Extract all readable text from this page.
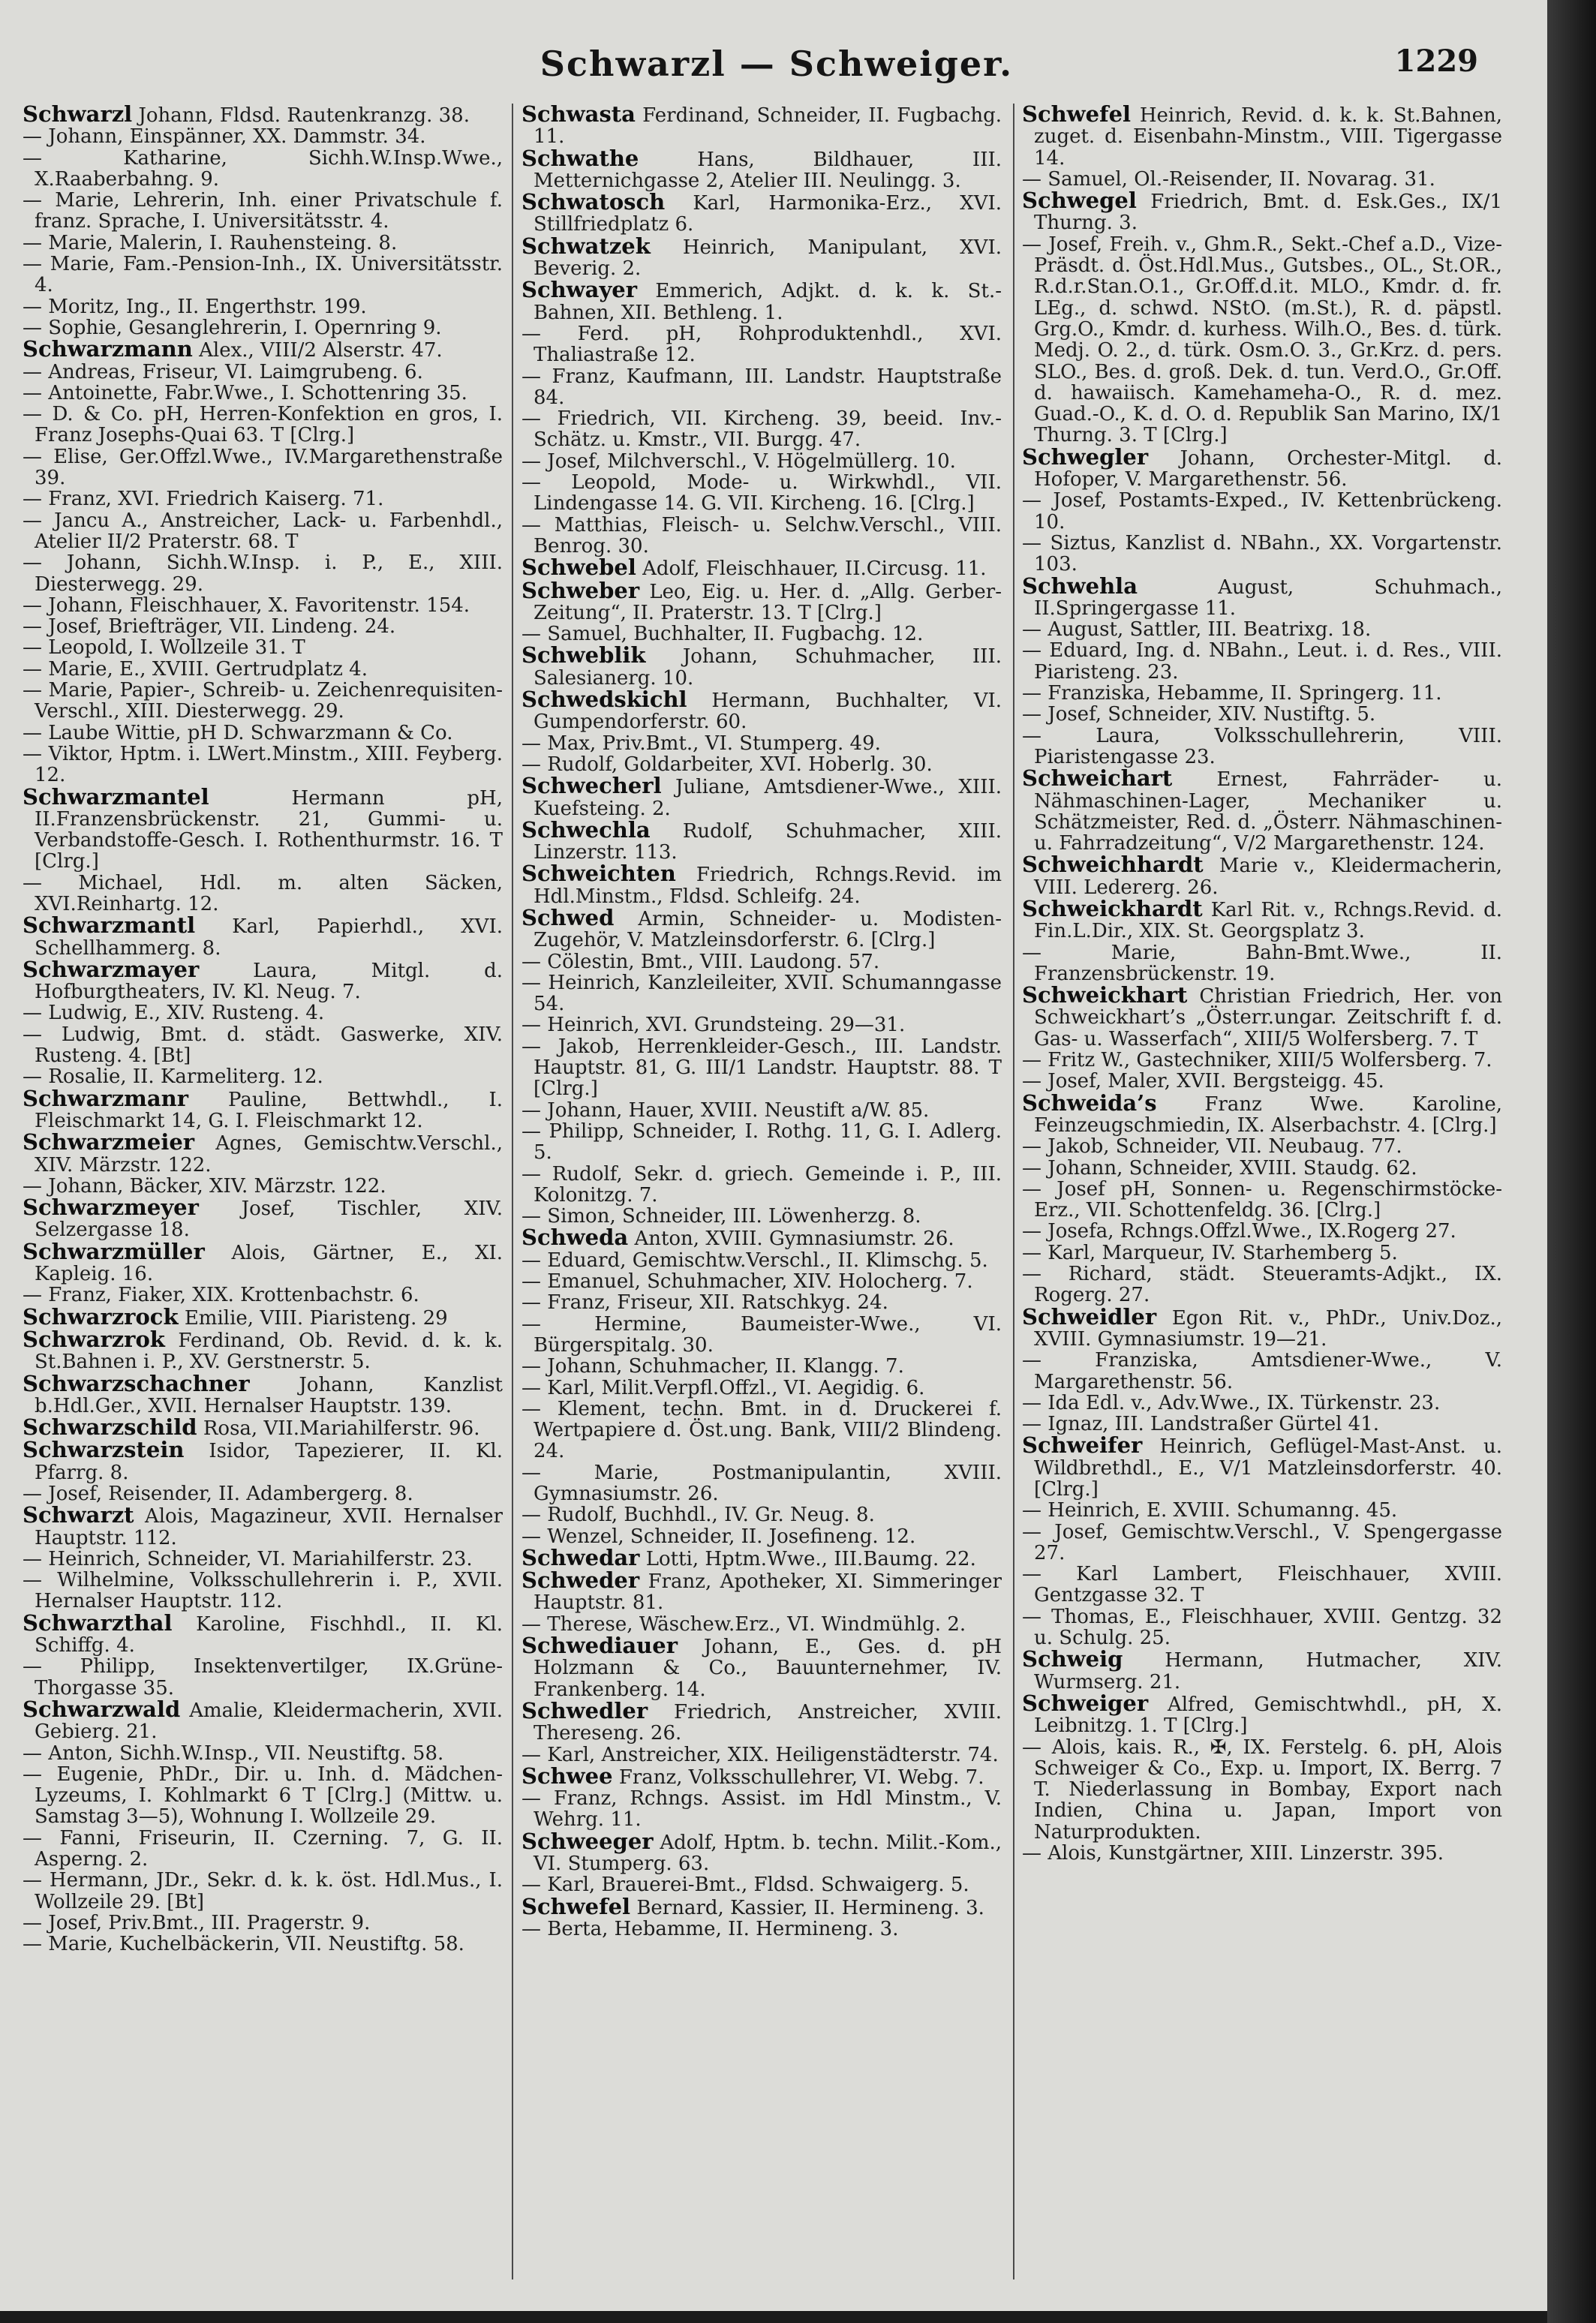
Schwarzl — Schweiger.	1229

Schwarzl Johann, Fldsd. Rautenkranzg. 38.

— Johann, Einspänner, XX. Dammstr. 34.

— Katharine, Sichh.W.Insp.Wwe., X.Raaberbahng. 9.

— Marie, Lehrerin, Inh. einer Privatschule f. franz. Sprache, I. Universitätsstr. 4.

— Marie, Malerin, I. Rauhensteing. 8.

— Marie, Fam.-Pension-Inh., IX. Universitätsstr. 4.

— Moritz, Ing., II. Engerthstr. 199.

— Sophie, Gesanglehrerin, I. Opernring 9.

Schwarzmann Alex., VIII/2 Alserstr. 47.

— Andreas, Friseur, VI. Laimgrubeng. 6.

— Antoinette, Fabr.Wwe., I. Schottenring 35.

— D. & Co. pH, Herren-Konfektion en gros, I. Franz Josephs-Quai 63. T [Clrg.]

— Elise, Ger.Offzl.Wwe., IV.Margarethenstraße 39.

— Franz, XVI. Friedrich Kaiserg. 71.

— Jancu A., Anstreicher, Lack- u. Farbenhdl., Atelier II/2 Praterstr. 68. T

— Johann, Sichh.W.Insp. i. P., E., XIII. Diesterwegg. 29.

— Johann, Fleischhauer, X. Favoritenstr. 154.

— Josef, Briefträger, VII. Lindeng. 24.

— Leopold, I. Wollzeile 31. T

— Marie, E., XVIII. Gertrudplatz 4.

— Marie, Papier-, Schreib- u. Zeichenrequisiten-Verschl., XIII. Diesterwegg. 29.

— Laube Wittie, pH D. Schwarzmann & Co.

— Viktor, Hptm. i. LWert.Minstm., XIII. Feyberg. 12.

Schwarzmantel	Hermann pH, II.Franzensbrückenstr. 21, Gummi- u. Verbandstoffe-Gesch. I. Rothenthurmstr. 16. T [Clrg.]

— Michael, Hdl. m. alten Säcken, XVI.Reinhartg. 12.

Schwarzmantl Karl, Papierhdl., XVI. Schellhammerg. 8.

Schwarzmayer	Laura, Mitgl. d. Hofburgtheaters, IV. Kl. Neug. 7.

— Ludwig, E., XIV. Rusteng. 4.

— Ludwig, Bmt. d. städt. Gaswerke, XIV. Rusteng. 4. [Bt]

— Rosalie, II. Karmeliterg. 12.

Schwarzmanr Pauline, Bettwhdl., I. Fleischmarkt 14, G. I. Fleischmarkt 12.

Schwarzmeier Agnes, Gemischtw.Verschl., XIV. Märzstr. 122.

— Johann, Bäcker, XIV. Märzstr. 122.

Schwarzmeyer Josef, Tischler, XIV. Selzergasse 18.

Schwarzmüller Alois, Gärtner, E., XI. Kapleig. 16.

— Franz, Fiaker, XIX. Krottenbachstr. 6.

Schwarzrock Emilie, VIII. Piaristeng. 29

Schwarzrok Ferdinand, Ob. Revid. d. k. k. St.Bahnen i. P., XV. Gerstnerstr. 5.

Schwarzschachner	Johann, Kanzlist b.Hdl.Ger., XVII. Hernalser Hauptstr. 139.

Schwarzschild Rosa, VII.Mariahilferstr. 96.

Schwarzstein Isidor, Tapezierer, II. Kl. Pfarrg. 8.

— Josef, Reisender, II. Adambergerg. 8.

Schwarzt Alois, Magazineur, XVII. Hernalser Hauptstr. 112.

— Heinrich, Schneider, VI. Mariahilferstr. 23.

— Wilhelmine, Volksschullehrerin i. P., XVII. Hernalser Hauptstr. 112.

Schwarzthal Karoline, Fischhdl., II. Kl. Schiffg. 4.

— Philipp, Insektenvertilger, IX.Grüne-Thorgasse 35.

Schwarzwald Amalie, Kleidermacherin, XVII. Gebierg. 21.

— Anton, Sichh.W.Insp., VII. Neustiftg. 58.

— Eugenie, PhDr., Dir. u. Inh. d. Mädchen-Lyzeums, I. Kohlmarkt 6 T [Clrg.] (Mittw. u. Samstag 3—5), Wohnung I. Wollzeile 29.

— Fanni, Friseurin, II. Czerning. 7, G. II. Asperng. 2.

— Hermann, JDr., Sekr. d. k. k. öst. Hdl.Mus., I. Wollzeile 29. [Bt]

— Josef, Priv.Bmt., III. Pragerstr. 9.

— Marie, Kuchelbäckerin, VII. Neustiftg. 58.

Schwasta Ferdinand, Schneider, II. Fugbachg. 11.

Schwathe	Hans, Bildhauer, III. Metternichgasse 2, Atelier III. Neulingg. 3.

Schwatosch Karl, Harmonika-Erz., XVI. Stillfriedplatz 6.

Schwatzek Heinrich, Manipulant, XVI. Beverig. 2.

Schwayer Emmerich, Adjkt. d. k. k. St.-Bahnen, XII. Bethleng. 1.

— Ferd. pH, Rohproduktenhdl., XVI. Thaliastraße 12.

— Franz, Kaufmann, III. Landstr. Hauptstraße 84.

— Friedrich, VII. Kircheng. 39, beeid. Inv.-Schätz. u. Kmstr., VII. Burgg. 47.

— Josef, Milchverschl., V. Högelmüllerg. 10.

— Leopold, Mode- u. Wirkwhdl., VII. Lindengasse 14. G. VII. Kircheng. 16. [Clrg.]

— Matthias, Fleisch- u. Selchw.Verschl., VIII. Benrog. 30.

Schwebel Adolf, Fleischhauer, II.Circusg. 11.

Schweber Leo, Eig. u. Her. d. „Allg. Gerber-Zeitung“, II. Praterstr. 13. T [Clrg.]

— Samuel, Buchhalter, II. Fugbachg. 12.

Schweblik Johann, Schuhmacher, III. Salesianerg. 10.

Schwedskichl Hermann, Buchhalter, VI. Gumpendorferstr. 60.

— Max, Priv.Bmt., VI. Stumperg. 49.

— Rudolf, Goldarbeiter, XVI. Hoberlg. 30.

Schwecherl Juliane, Amtsdiener-Wwe., XIII. Kuefsteing. 2.

Schwechla Rudolf, Schuhmacher, XIII. Linzerstr. 113.

Schweichten Friedrich, Rchngs.Revid. im Hdl.Minstm., Fldsd. Schleifg. 24.

Schwed Armin, Schneider- u. Modisten-Zugehör, V. Matzleinsdorferstr. 6. [Clrg.]

— Cölestin, Bmt., VIII. Laudong. 57.

— Heinrich, Kanzleileiter, XVII. Schumanngasse 54.

— Heinrich, XVI. Grundsteing. 29—31.

— Jakob, Herrenkleider-Gesch., III. Landstr. Hauptstr. 81, G. III/1 Landstr. Hauptstr. 88. T [Clrg.]

— Johann, Hauer, XVIII. Neustift a/W. 85.

— Philipp, Schneider, I. Rothg. 11, G. I. Adlerg. 5.

— Rudolf, Sekr. d. griech. Gemeinde i. P., III. Kolonitzg. 7.

— Simon, Schneider, III. Löwenherzg. 8.

Schweda Anton, XVIII. Gymnasiumstr. 26.

— Eduard, Gemischtw.Verschl., II. Klimschg. 5.

— Emanuel, Schuhmacher, XIV. Holocherg. 7.

— Franz, Friseur, XII. Ratschkyg. 24.

— Hermine, Baumeister-Wwe., VI. Bürgerspitalg. 30.

— Johann, Schuhmacher, II. Klangg. 7.

— Karl, Milit.Verpfl.Offzl., VI. Aegidig. 6.

— Klement, techn. Bmt. in d. Druckerei f. Wertpapiere d. Öst.ung. Bank, VIII/2 Blindeng. 24.

— Marie, Postmanipulantin, XVIII. Gymnasiumstr. 26.

— Rudolf, Buchhdl., IV. Gr. Neug. 8.

— Wenzel, Schneider, II. Josefineng. 12.

Schwedar Lotti, Hptm.Wwe., III.Baumg. 22.

Schweder Franz, Apotheker, XI. Simmeringer Hauptstr. 81.

— Therese, Wäschew.Erz., VI. Windmühlg. 2.

Schwediauer Johann, E., Ges. d. pH Holzmann & Co., Bauunternehmer, IV. Frankenberg. 14.

Schwedler Friedrich, Anstreicher, XVIII. Thereseng. 26.

— Karl, Anstreicher, XIX. Heiligenstädterstr. 74.

Schwee Franz, Volksschullehrer, VI. Webg. 7.

— Franz, Rchngs. Assist. im Hdl Minstm., V. Wehrg. 11.

Schweeger Adolf, Hptm. b. techn. Milit.-Kom., VI. Stumperg. 63.

— Karl, Brauerei-Bmt., Fldsd. Schwaigerg. 5.

Schwefel Bernard, Kassier, II. Hermineng. 3.

— Berta, Hebamme, II. Hermineng. 3.

Schwefel Heinrich, Revid. d. k. k. St.Bahnen, zuget. d. Eisenbahn-Minstm., VIII. Tigergasse 14.

— Samuel, Ol.-Reisender, II. Novarag. 31.

Schwegel Friedrich, Bmt. d. Esk.Ges., IX/1 Thurng. 3.

— Josef, Freih. v., Ghm.R., Sekt.-Chef a.D., Vize-Präsdt. d. Öst.Hdl.Mus., Gutsbes., OL., St.OR., R.d.r.Stan.O.1., Gr.Off.d.it. MLO., Kmdr. d. fr. LEg., d. schwd. NStO. (m.St.), R. d. päpstl. Grg.O., Kmdr. d. kurhess. Wilh.O., Bes. d. türk. Medj. O. 2., d. türk. Osm.O. 3., Gr.Krz. d. pers. SLO., Bes. d. groß. Dek. d. tun. Verd.O., Gr.Off. d. hawaiisch. Kamehameha-O., R. d. mez. Guad.-O., K. d. O. d. Republik San Marino, IX/1 Thurng. 3. T [Clrg.]

Schwegler Johann, Orchester-Mitgl. d. Hofoper, V. Margarethenstr. 56.

— Josef, Postamts-Exped., IV. Kettenbrückeng. 10.

— Siztus, Kanzlist d. NBahn., XX. Vorgartenstr. 103.

Schwehla	August, Schuhmach., II.Springergasse 11.

— August, Sattler, III. Beatrixg. 18.

— Eduard, Ing. d. NBahn., Leut. i. d. Res., VIII. Piaristeng. 23.

— Franziska, Hebamme, II. Springerg. 11.

— Josef, Schneider, XIV. Nustiftg. 5.

— Laura, Volksschullehrerin, VIII. Piaristengasse 23.

Schweichart Ernest, Fahrräder- u. Nähmaschinen-Lager, Mechaniker u. Schätzmeister, Red. d. „Österr. Nähmaschinen- u. Fahrradzeitung“, V/2 Margarethenstr. 124.

Schweichhardt Marie v., Kleidermacherin, VIII. Ledererg. 26.

Schweickhardt Karl Rit. v., Rchngs.Revid. d. Fin.L.Dir., XIX. St. Georgsplatz 3.

— Marie, Bahn-Bmt.Wwe., II. Franzensbrückenstr. 19.

Schweickhart Christian Friedrich, Her. von Schweickhart’s „Österr.ungar. Zeitschrift f. d. Gas- u. Wasserfach“, XIII/5 Wolfersberg. 7. T

— Fritz W., Gastechniker, XIII/5 Wolfersberg. 7.

— Josef, Maler, XVII. Bergsteigg. 45.

Schweida’s Franz Wwe. Karoline, Feinzeugschmiedin, IX. Alserbachstr. 4. [Clrg.]

— Jakob, Schneider, VII. Neubaug. 77.

— Johann, Schneider, XVIII. Staudg. 62.

— Josef pH, Sonnen- u. Regenschirmstöcke-Erz., VII. Schottenfeldg. 36. [Clrg.]

— Josefa, Rchngs.Offzl.Wwe., IX.Rogerg 27.

— Karl, Marqueur, IV. Starhemberg 5.

— Richard, städt. Steueramts-Adjkt., IX. Rogerg. 27.

Schweidler Egon Rit. v., PhDr., Univ.Doz., XVIII. Gymnasiumstr. 19—21.

— Franziska, Amtsdiener-Wwe., V. Margarethenstr. 56.

— Ida Edl. v., Adv.Wwe., IX. Türkenstr. 23.

— Ignaz, III. Landstraßer Gürtel 41.

Schweifer Heinrich, Geflügel-Mast-Anst. u. Wildbrethdl., E., V/1 Matzleinsdorferstr. 40. [Clrg.]

— Heinrich, E. XVIII. Schumanng. 45.

— Josef, Gemischtw.Verschl., V. Spengergasse 27.

— Karl Lambert, Fleischhauer, XVIII. Gentzgasse 32. T

— Thomas, E., Fleischhauer, XVIII. Gentzg. 32 u. Schulg. 25.

Schweig Hermann, Hutmacher, XIV. Wurmserg. 21.

Schweiger Alfred, Gemischtwhdl., pH, X. Leibnitzg. 1. T [Clrg.]

— Alois, kais. R., ✠, IX. Ferstelg. 6. pH, Alois Schweiger & Co., Exp. u. Import, IX. Berrg. 7 T. Niederlassung in Bombay, Export nach Indien, China u. Japan, Import von Naturprodukten.

— Alois, Kunstgärtner, XIII. Linzerstr. 395.
